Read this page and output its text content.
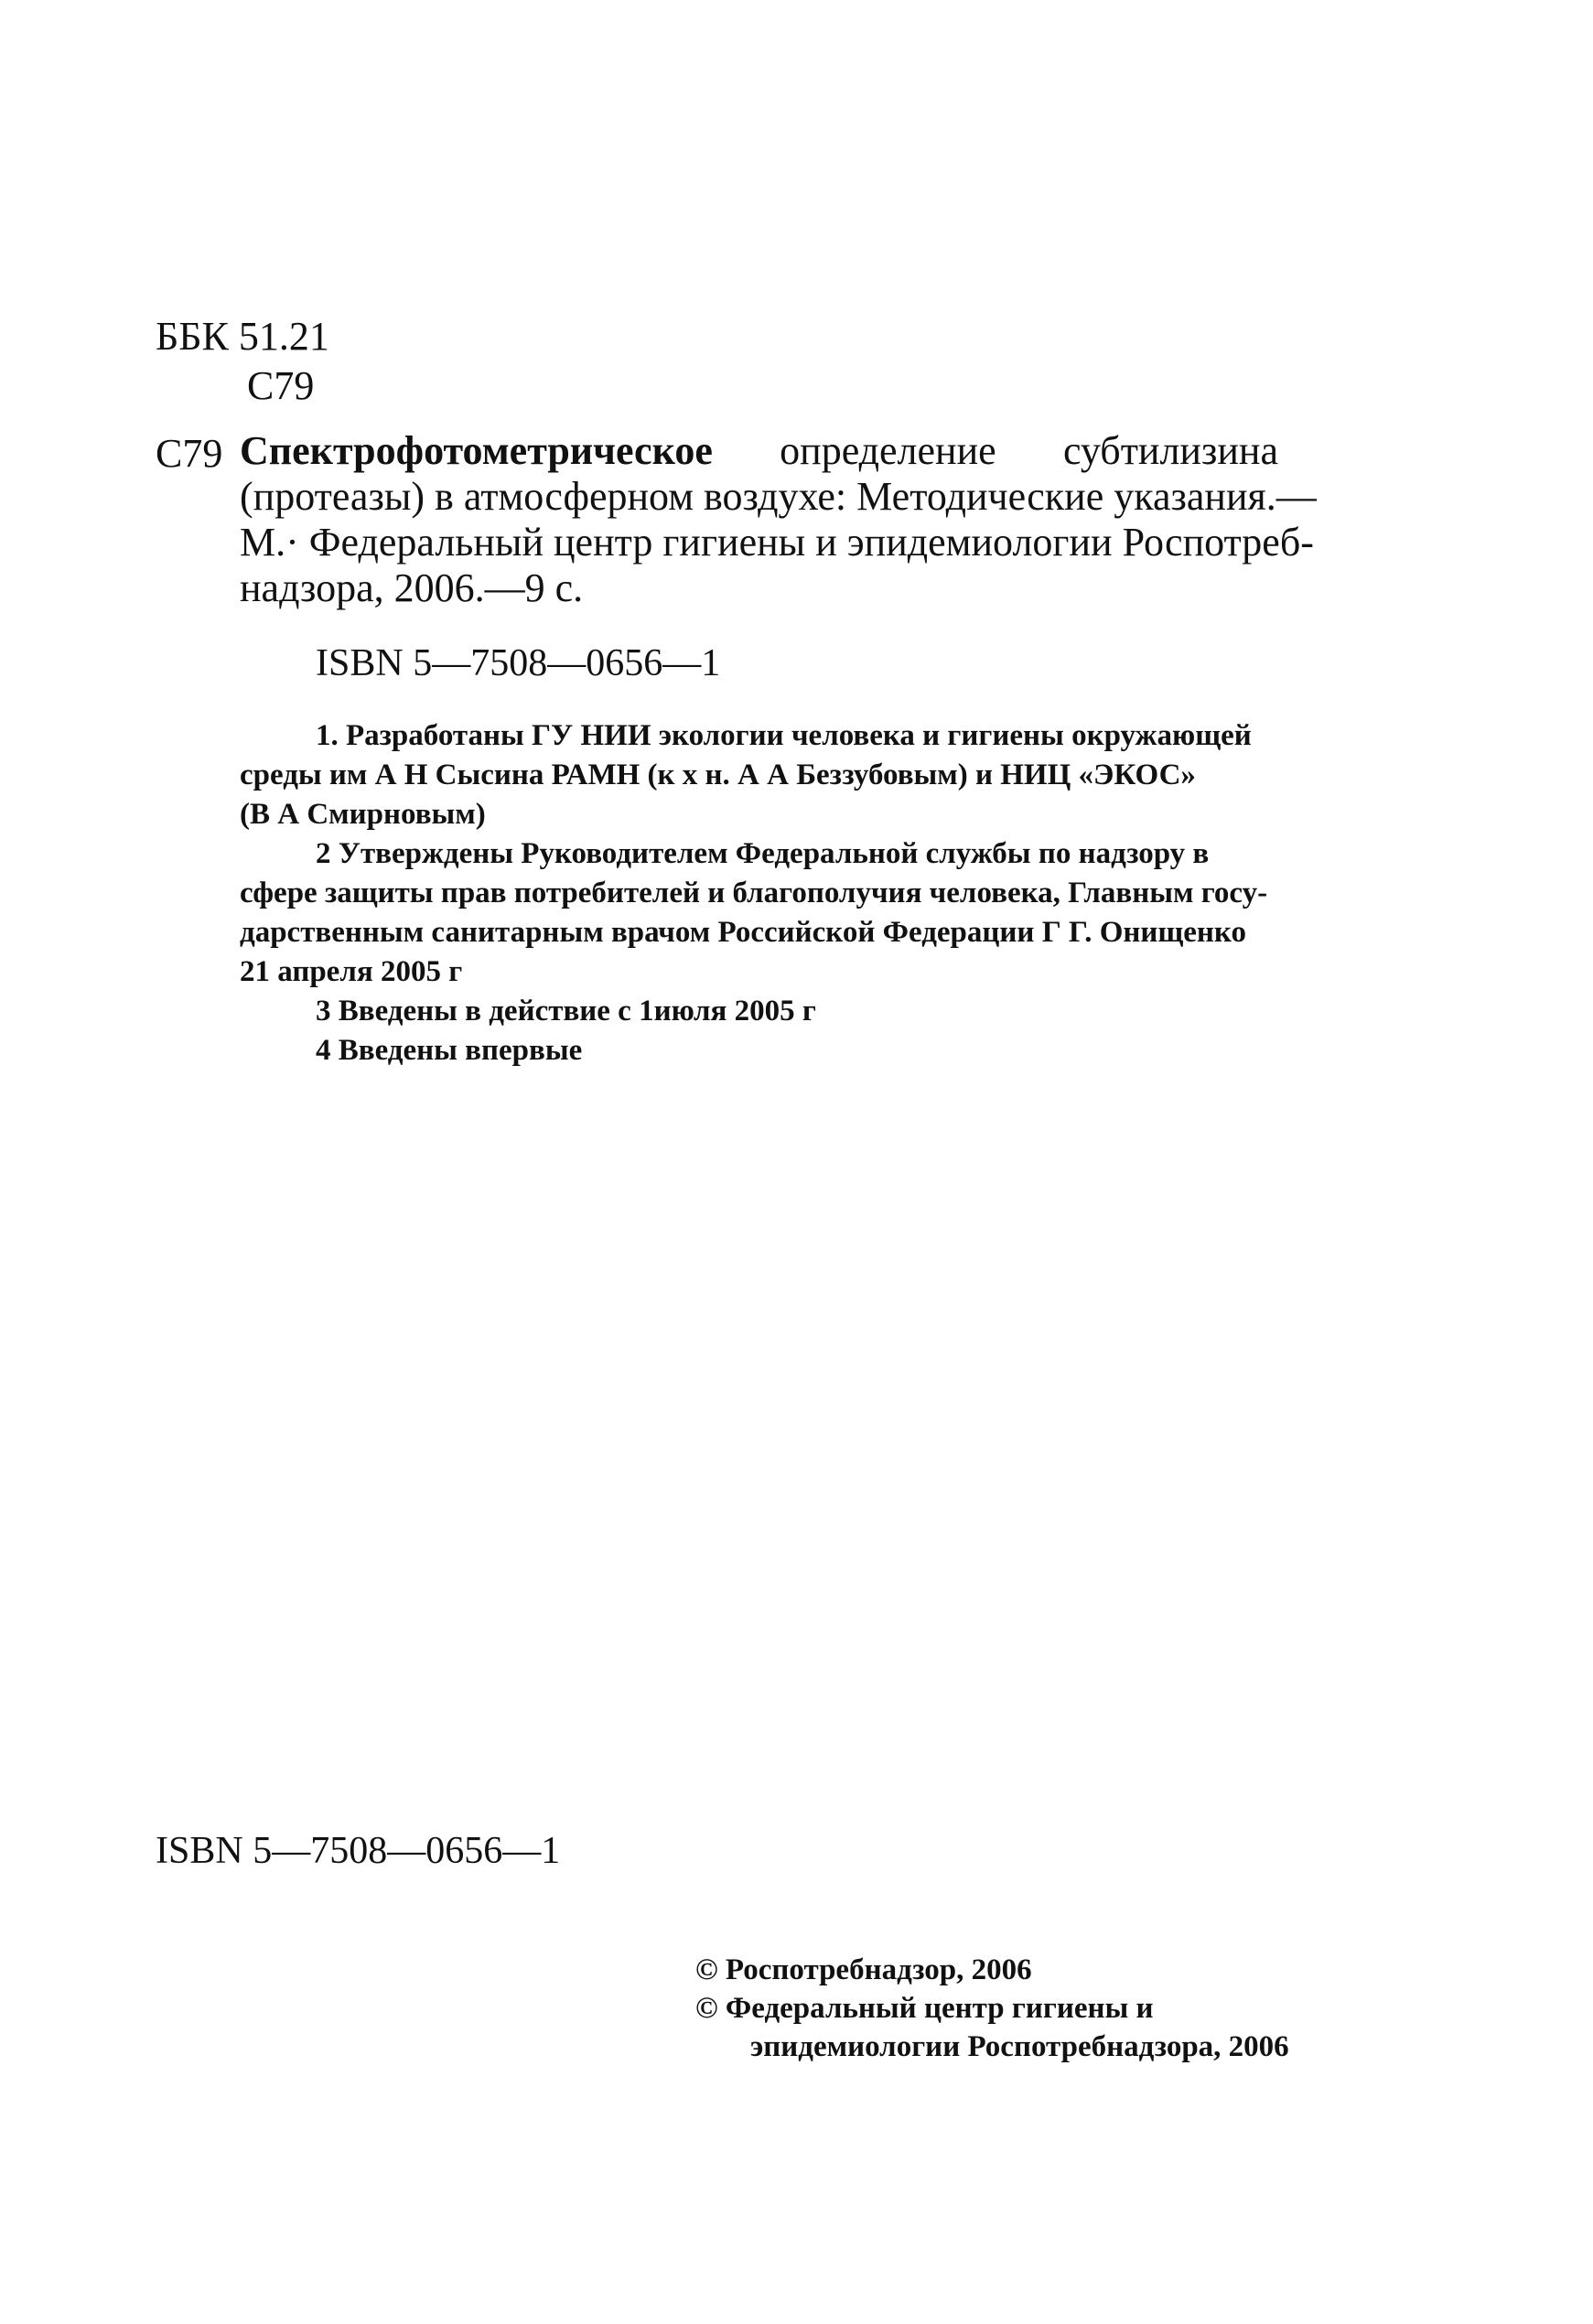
ББК 51.21
С79
С79 Спектрофотометрическое определение субтилизина
(протеазы) в атмосферном воздухе: Методические указания.—
М.· Федеральный центр гигиены и эпидемиологии Роспотреб-
надзора, 2006.—9 с.
ISBN 5—7508—0656—1
1. Разработаны ГУ НИИ экологии человека и гигиены окружающей
среды им А Н Сысина РАМН (к х н. А А Беззубовым) и НИЦ «ЭКОС»
(В А Смирновым)
2 Утверждены Руководителем Федеральной службы по надзору в
сфере защиты прав потребителей и благополучия человека, Главным госу-
дарственным санитарным врачом Российской Федерации Г Г. Онищенко
21 апреля 2005 г
3 Введены в действие с 1июля 2005 г
4 Введены впервые
ISBN 5—7508—0656—1
© Роспотребнадзор, 2006
© Федеральный центр гигиены и
эпидемиологии Роспотребнадзора, 2006
